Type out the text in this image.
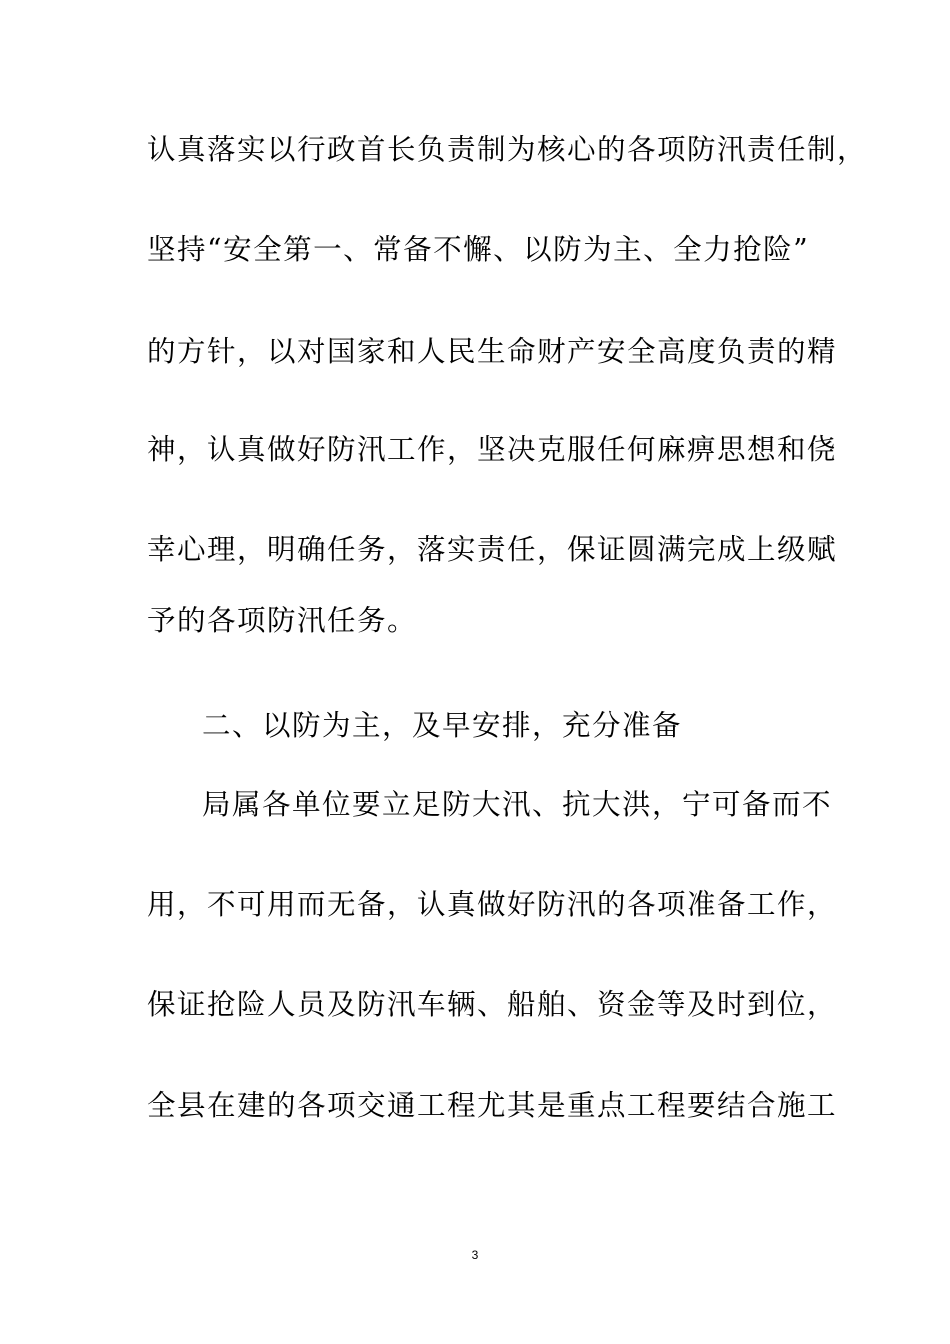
认真落实以行政首长负责制为核心的各项防汛责任制，
坚持“安全第一、常备不懈、以防为主、全力抢险”
的方针，以对国家和人民生命财产安全高度负责的精
神，认真做好防汛工作，坚决克服任何麻痹思想和侥
幸心理，明确任务，落实责任，保证圆满完成上级赋
予的各项防汛任务。
二、以防为主，及早安排，充分准备
局属各单位要立足防大汛、抗大洪，宁可备而不
用，不可用而无备，认真做好防汛的各项准备工作，
保证抢险人员及防汛车辆、船舶、资金等及时到位，
全县在建的各项交通工程尤其是重点工程要结合施工
3
